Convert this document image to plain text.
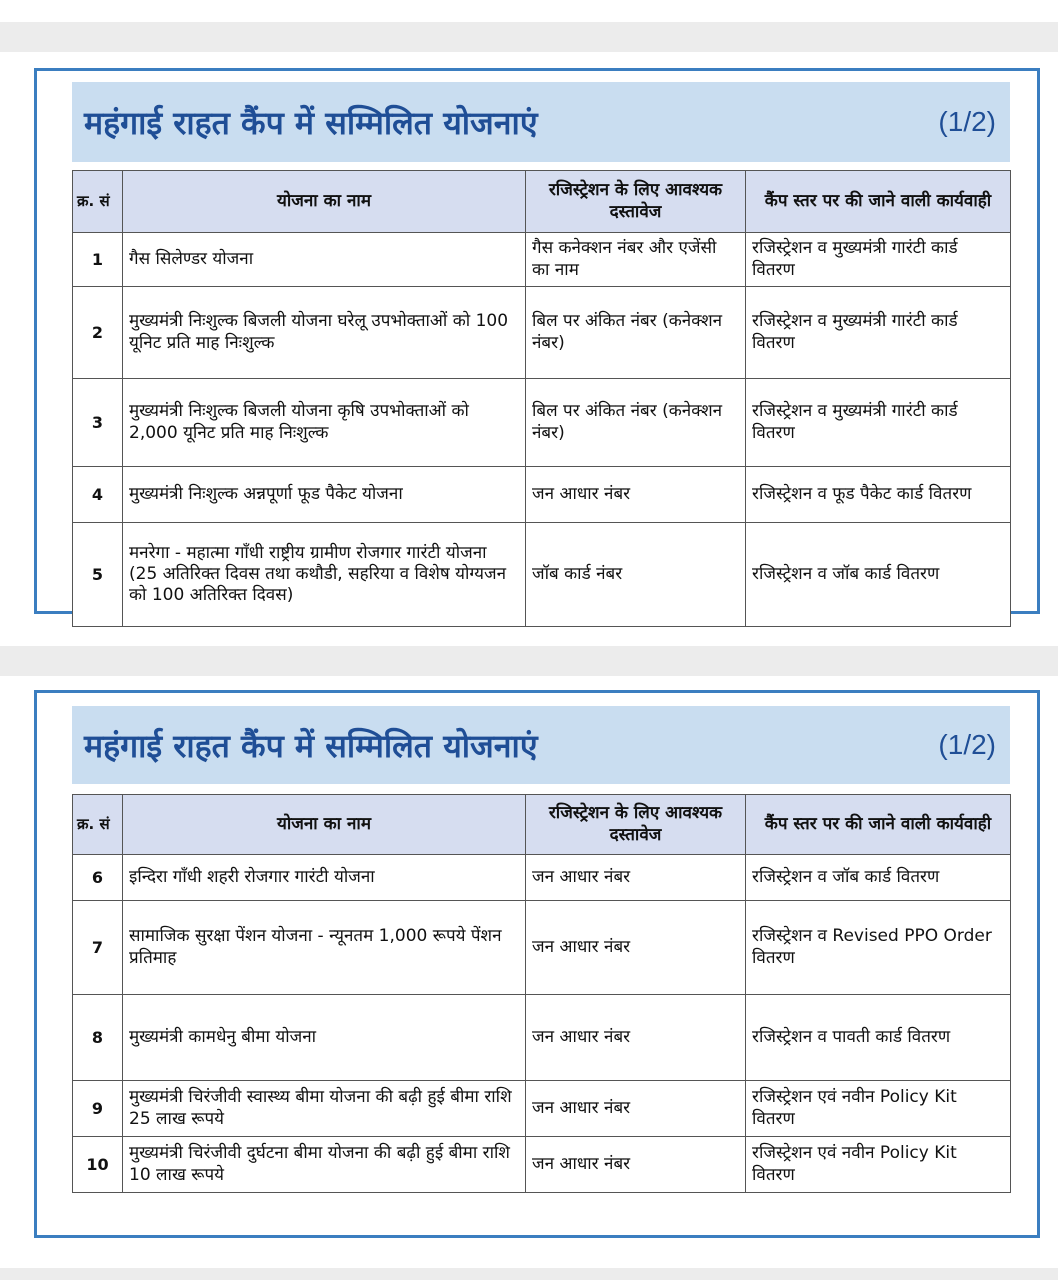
महंगाई राहत कैंप में सम्मिलित योजनाएं	(1/2)
क्र. सं	योजना का नाम	रजिस्ट्रेशन के लिए आवश्यक दस्तावेज	कैंप स्तर पर की जाने वाली कार्यवाही
1	गैस सिलेण्डर योजना	गैस कनेक्शन नंबर और एजेंसी का नाम	रजिस्ट्रेशन व मुख्यमंत्री गारंटी कार्ड वितरण
2	मुख्यमंत्री निःशुल्क बिजली योजना घरेलू उपभोक्ताओं को 100 यूनिट प्रति माह निःशुल्क	बिल पर अंकित नंबर (कनेक्शन नंबर)	रजिस्ट्रेशन व मुख्यमंत्री गारंटी कार्ड वितरण
3	मुख्यमंत्री निःशुल्क बिजली योजना कृषि उपभोक्ताओं को 2,000 यूनिट प्रति माह निःशुल्क	बिल पर अंकित नंबर (कनेक्शन नंबर)	रजिस्ट्रेशन व मुख्यमंत्री गारंटी कार्ड वितरण
4	मुख्यमंत्री निःशुल्क अन्नपूर्णा फूड पैकेट योजना	जन आधार नंबर	रजिस्ट्रेशन व फूड पैकेट कार्ड वितरण
5	मनरेगा - महात्मा गाँधी राष्ट्रीय ग्रामीण रोजगार गारंटी योजना (25 अतिरिक्त दिवस तथा कथौडी, सहरिया व विशेष योग्यजन को 100 अतिरिक्त दिवस)	जॉब कार्ड नंबर	रजिस्ट्रेशन व जॉब कार्ड वितरण
महंगाई राहत कैंप में सम्मिलित योजनाएं	(1/2)
क्र. सं	योजना का नाम	रजिस्ट्रेशन के लिए आवश्यक दस्तावेज	कैंप स्तर पर की जाने वाली कार्यवाही
6	इन्दिरा गाँधी शहरी रोजगार गारंटी योजना	जन आधार नंबर	रजिस्ट्रेशन व जॉब कार्ड वितरण
7	सामाजिक सुरक्षा पेंशन योजना - न्यूनतम 1,000 रूपये पेंशन प्रतिमाह	जन आधार नंबर	रजिस्ट्रेशन व Revised PPO Order वितरण
8	मुख्यमंत्री कामधेनु बीमा योजना	जन आधार नंबर	रजिस्ट्रेशन व पावती कार्ड वितरण
9	मुख्यमंत्री चिरंजीवी स्वास्थ्य बीमा योजना की बढ़ी हुई बीमा राशि 25 लाख रूपये	जन आधार नंबर	रजिस्ट्रेशन एवं नवीन Policy Kit वितरण
10	मुख्यमंत्री चिरंजीवी दुर्घटना बीमा योजना की बढ़ी हुई बीमा राशि 10 लाख रूपये	जन आधार नंबर	रजिस्ट्रेशन एवं नवीन Policy Kit वितरण
